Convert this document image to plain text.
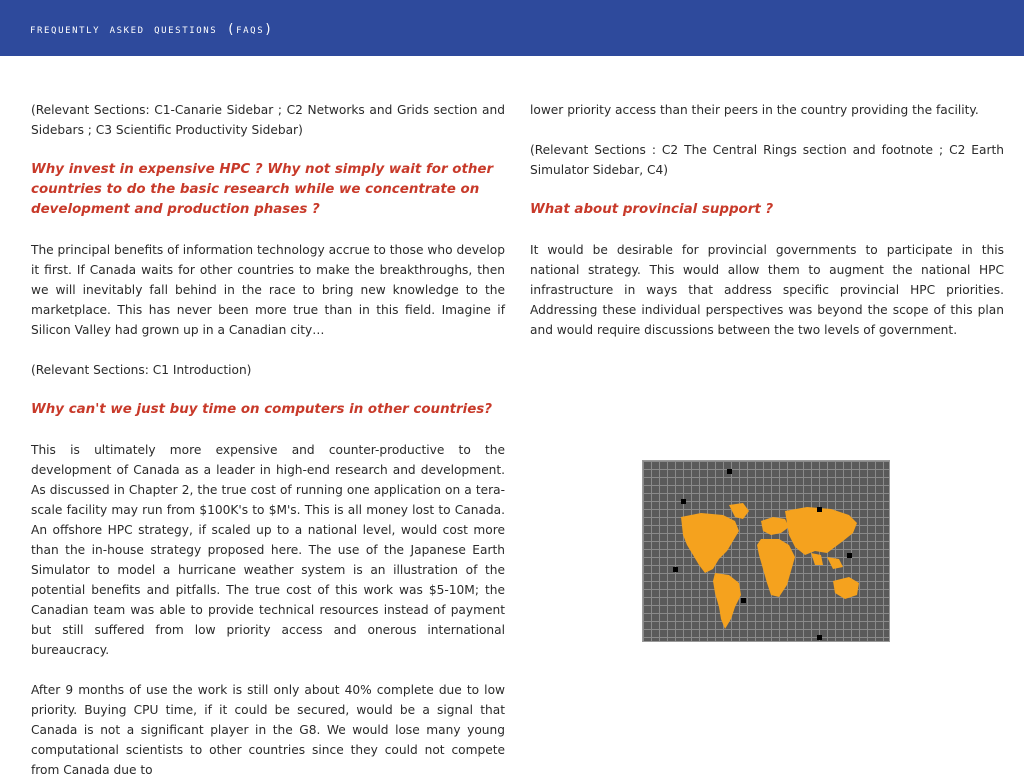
frequently asked questions (faqs)

(Relevant Sections: C1-Canarie Sidebar ; C2 Networks and Grids section and Sidebars ; C3 Scientific Productivity Sidebar)

Why invest in expensive HPC ? Why not simply wait for other countries to do the basic research while we concentrate on development and production phases ?

The principal benefits of information technology accrue to those who develop it first. If Canada waits for other countries to make the breakthroughs, then we will inevitably fall behind in the race to bring new knowledge to the marketplace. This has never been more true than in this field. Imagine if Silicon Valley had grown up in a Canadian city…

(Relevant Sections: C1 Introduction)

Why can't we just buy time on computers in other countries?

This is ultimately more expensive and counter-productive to the development of Canada as a leader in high-end research and development. As discussed in Chapter 2, the true cost of running one application on a tera-scale facility may run from $100K's to $M's. This is all money lost to Canada. An offshore HPC strategy, if scaled up to a national level, would cost more than the in-house strategy proposed here. The use of the Japanese Earth Simulator to model a hurricane weather system is an illustration of the potential benefits and pitfalls. The true cost of this work was $5-10M; the Canadian team was able to provide technical resources instead of payment but still suffered from low priority access and onerous international bureaucracy.

After 9 months of use the work is still only about 40% complete due to low priority. Buying CPU time, if it could be secured, would be a signal that Canada is not a significant player in the G8. We would lose many young computational scientists to other countries since they could not compete from Canada due to

lower priority access than their peers in the country providing the facility.

(Relevant Sections : C2 The Central Rings section and footnote ; C2 Earth Simulator Sidebar, C4)

What about provincial support ?

It would be desirable for provincial governments to participate in this national strategy. This would allow them to augment the national HPC infrastructure in ways that address specific provincial HPC priorities. Addressing these individual perspectives was beyond the scope of this plan and would require discussions between the two levels of government.
